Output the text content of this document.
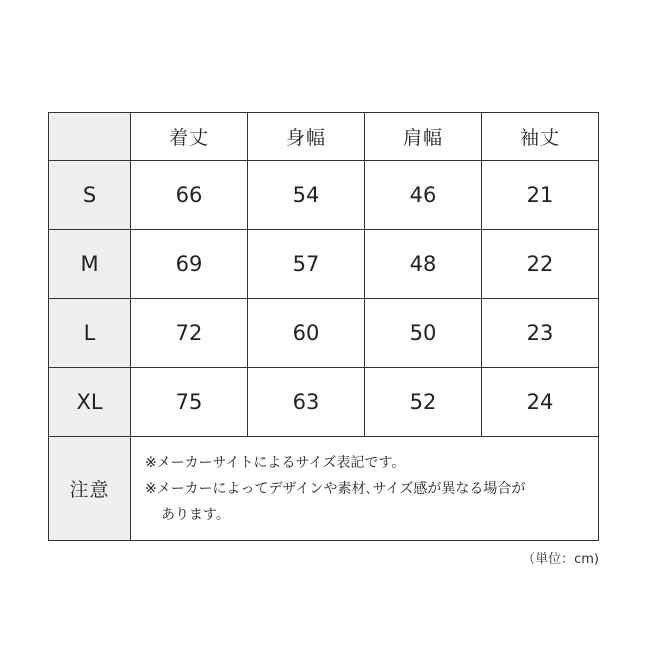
	着丈	身幅	肩幅	袖丈
S	66	54	46	21
M	69	57	48	22
L	72	60	50	23
XL	75	63	52	24
注意	※メーカーサイトによるサイズ表記です。
※メーカーによってデザインや素材､サイズ感が異なる場合が
あります。			
（単位：cm)
